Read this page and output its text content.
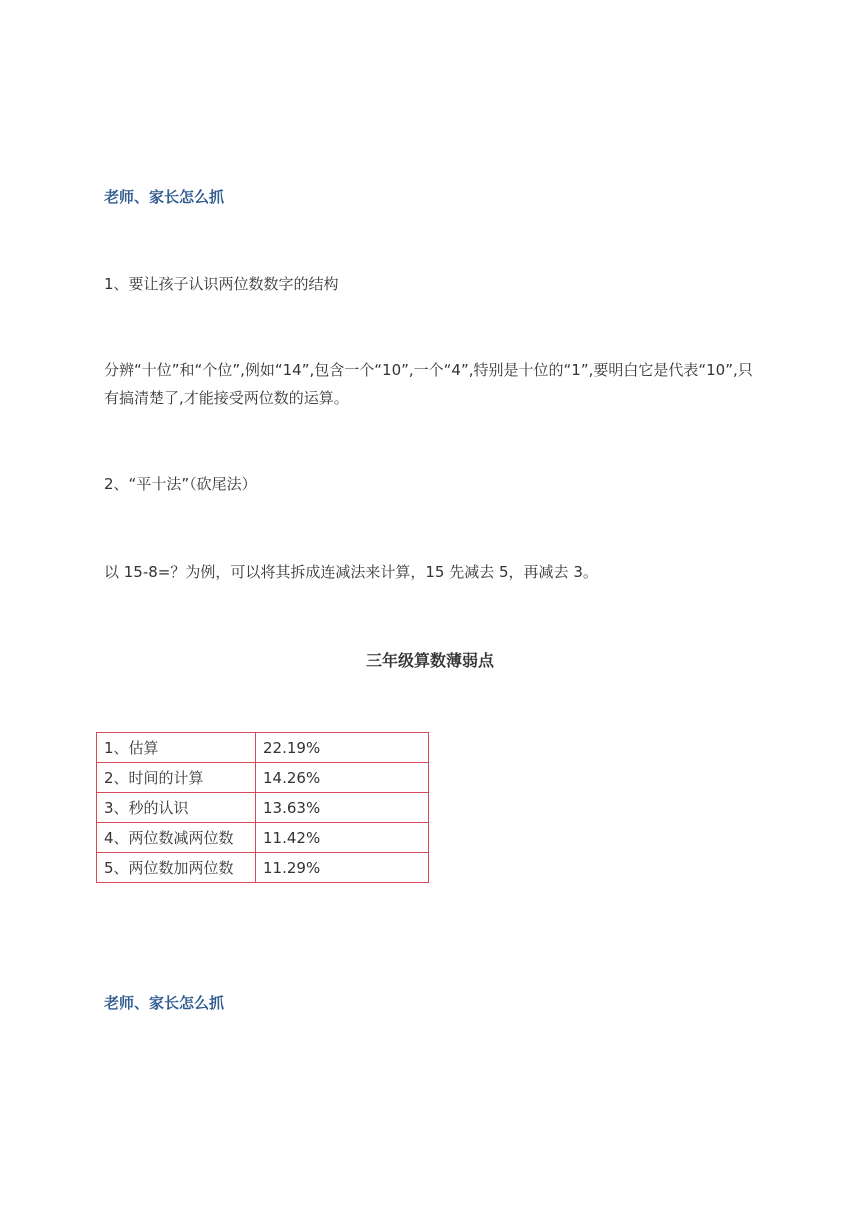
老师、家长怎么抓
1、要让孩子认识两位数数字的结构
分辨“十位”和“个位”,例如“14”,包含一个“10”,一个“4”,特别是十位的“1”,要明白它是代表“10”,只有搞清楚了,才能接受两位数的运算。
2、“平十法”（砍尾法）
以 15-8=？为例，可以将其拆成连减法来计算，15 先减去 5，再减去 3。
三年级算数薄弱点
1、估算	22.19%
2、时间的计算	14.26%
3、秒的认识	13.63%
4、两位数减两位数	11.42%
5、两位数加两位数	11.29%
老师、家长怎么抓
